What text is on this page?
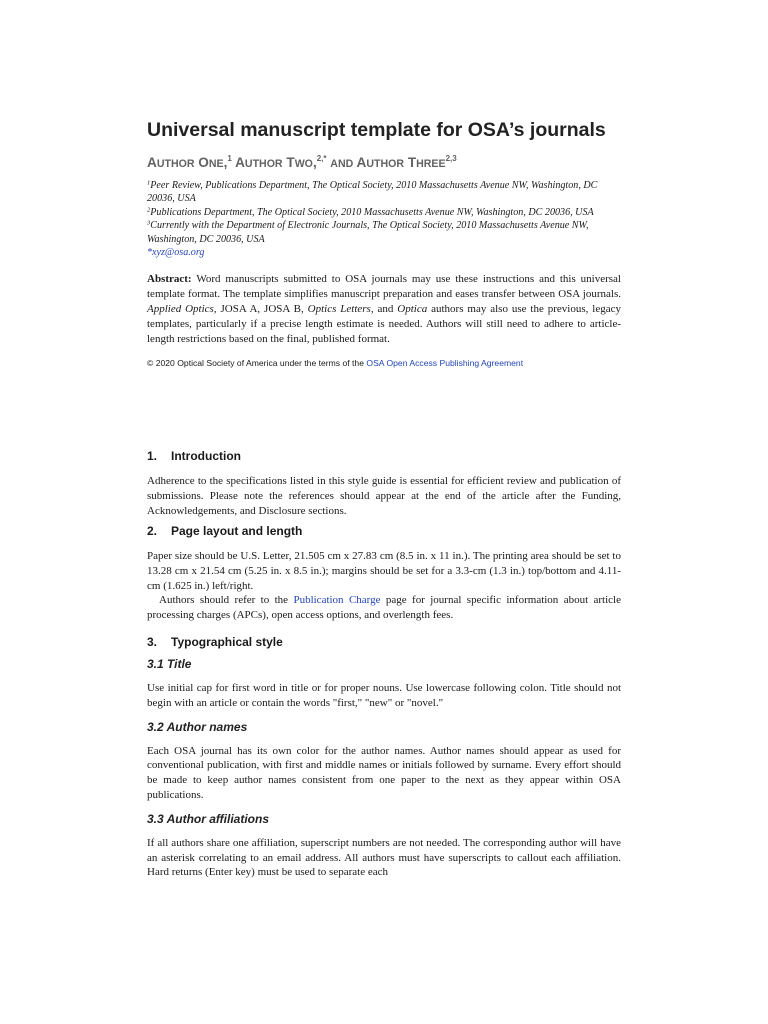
Universal manuscript template for OSA’s journals
AUTHOR ONE,$^1$ AUTHOR TWO,$^{2,*}$ AND AUTHOR THREE$^{2,3}$
$^1$Peer Review, Publications Department, The Optical Society, 2010 Massachusetts Avenue NW, Washington, DC 20036, USA
$^2$Publications Department, The Optical Society, 2010 Massachusetts Avenue NW, Washington, DC 20036, USA
$^3$Currently with the Department of Electronic Journals, The Optical Society, 2010 Massachusetts Avenue NW, Washington, DC 20036, USA
*xyz@osa.org
Abstract: Word manuscripts submitted to OSA journals may use these instructions and this universal template format. The template simplifies manuscript preparation and eases transfer between OSA journals. Applied Optics, JOSA A, JOSA B, Optics Letters, and Optica authors may also use the previous, legacy templates, particularly if a precise length estimate is needed. Authors will still need to adhere to article-length restrictions based on the final, published format.
© 2020 Optical Society of America under the terms of the OSA Open Access Publishing Agreement
1. Introduction

Adherence to the specifications listed in this style guide is essential for efficient review and publication of submissions. Please note the references should appear at the end of the article after the Funding, Acknowledgements, and Disclosure sections.

2. Page layout and length

Paper size should be U.S. Letter, 21.505 cm x 27.83 cm (8.5 in. x 11 in.). The printing area should be set to 13.28 cm x 21.54 cm (5.25 in. x 8.5 in.); margins should be set for a 3.3-cm (1.3 in.) top/bottom and 4.11-cm (1.625 in.) left/right.

Authors should refer to the Publication Charge page for journal specific information about article processing charges (APCs), open access options, and overlength fees.

3. Typographical style
3.1 Title

Use initial cap for first word in title or for proper nouns. Use lowercase following colon. Title should not begin with an article or contain the words "first," "new" or "novel."

3.2 Author names

Each OSA journal has its own color for the author names. Author names should appear as used for conventional publication, with first and middle names or initials followed by surname. Every effort should be made to keep author names consistent from one paper to the next as they appear within OSA publications.

3.3 Author affiliations

If all authors share one affiliation, superscript numbers are not needed. The corresponding author will have an asterisk correlating to an email address. All authors must have superscripts to callout each affiliation. Hard returns (Enter key) must be used to separate each
